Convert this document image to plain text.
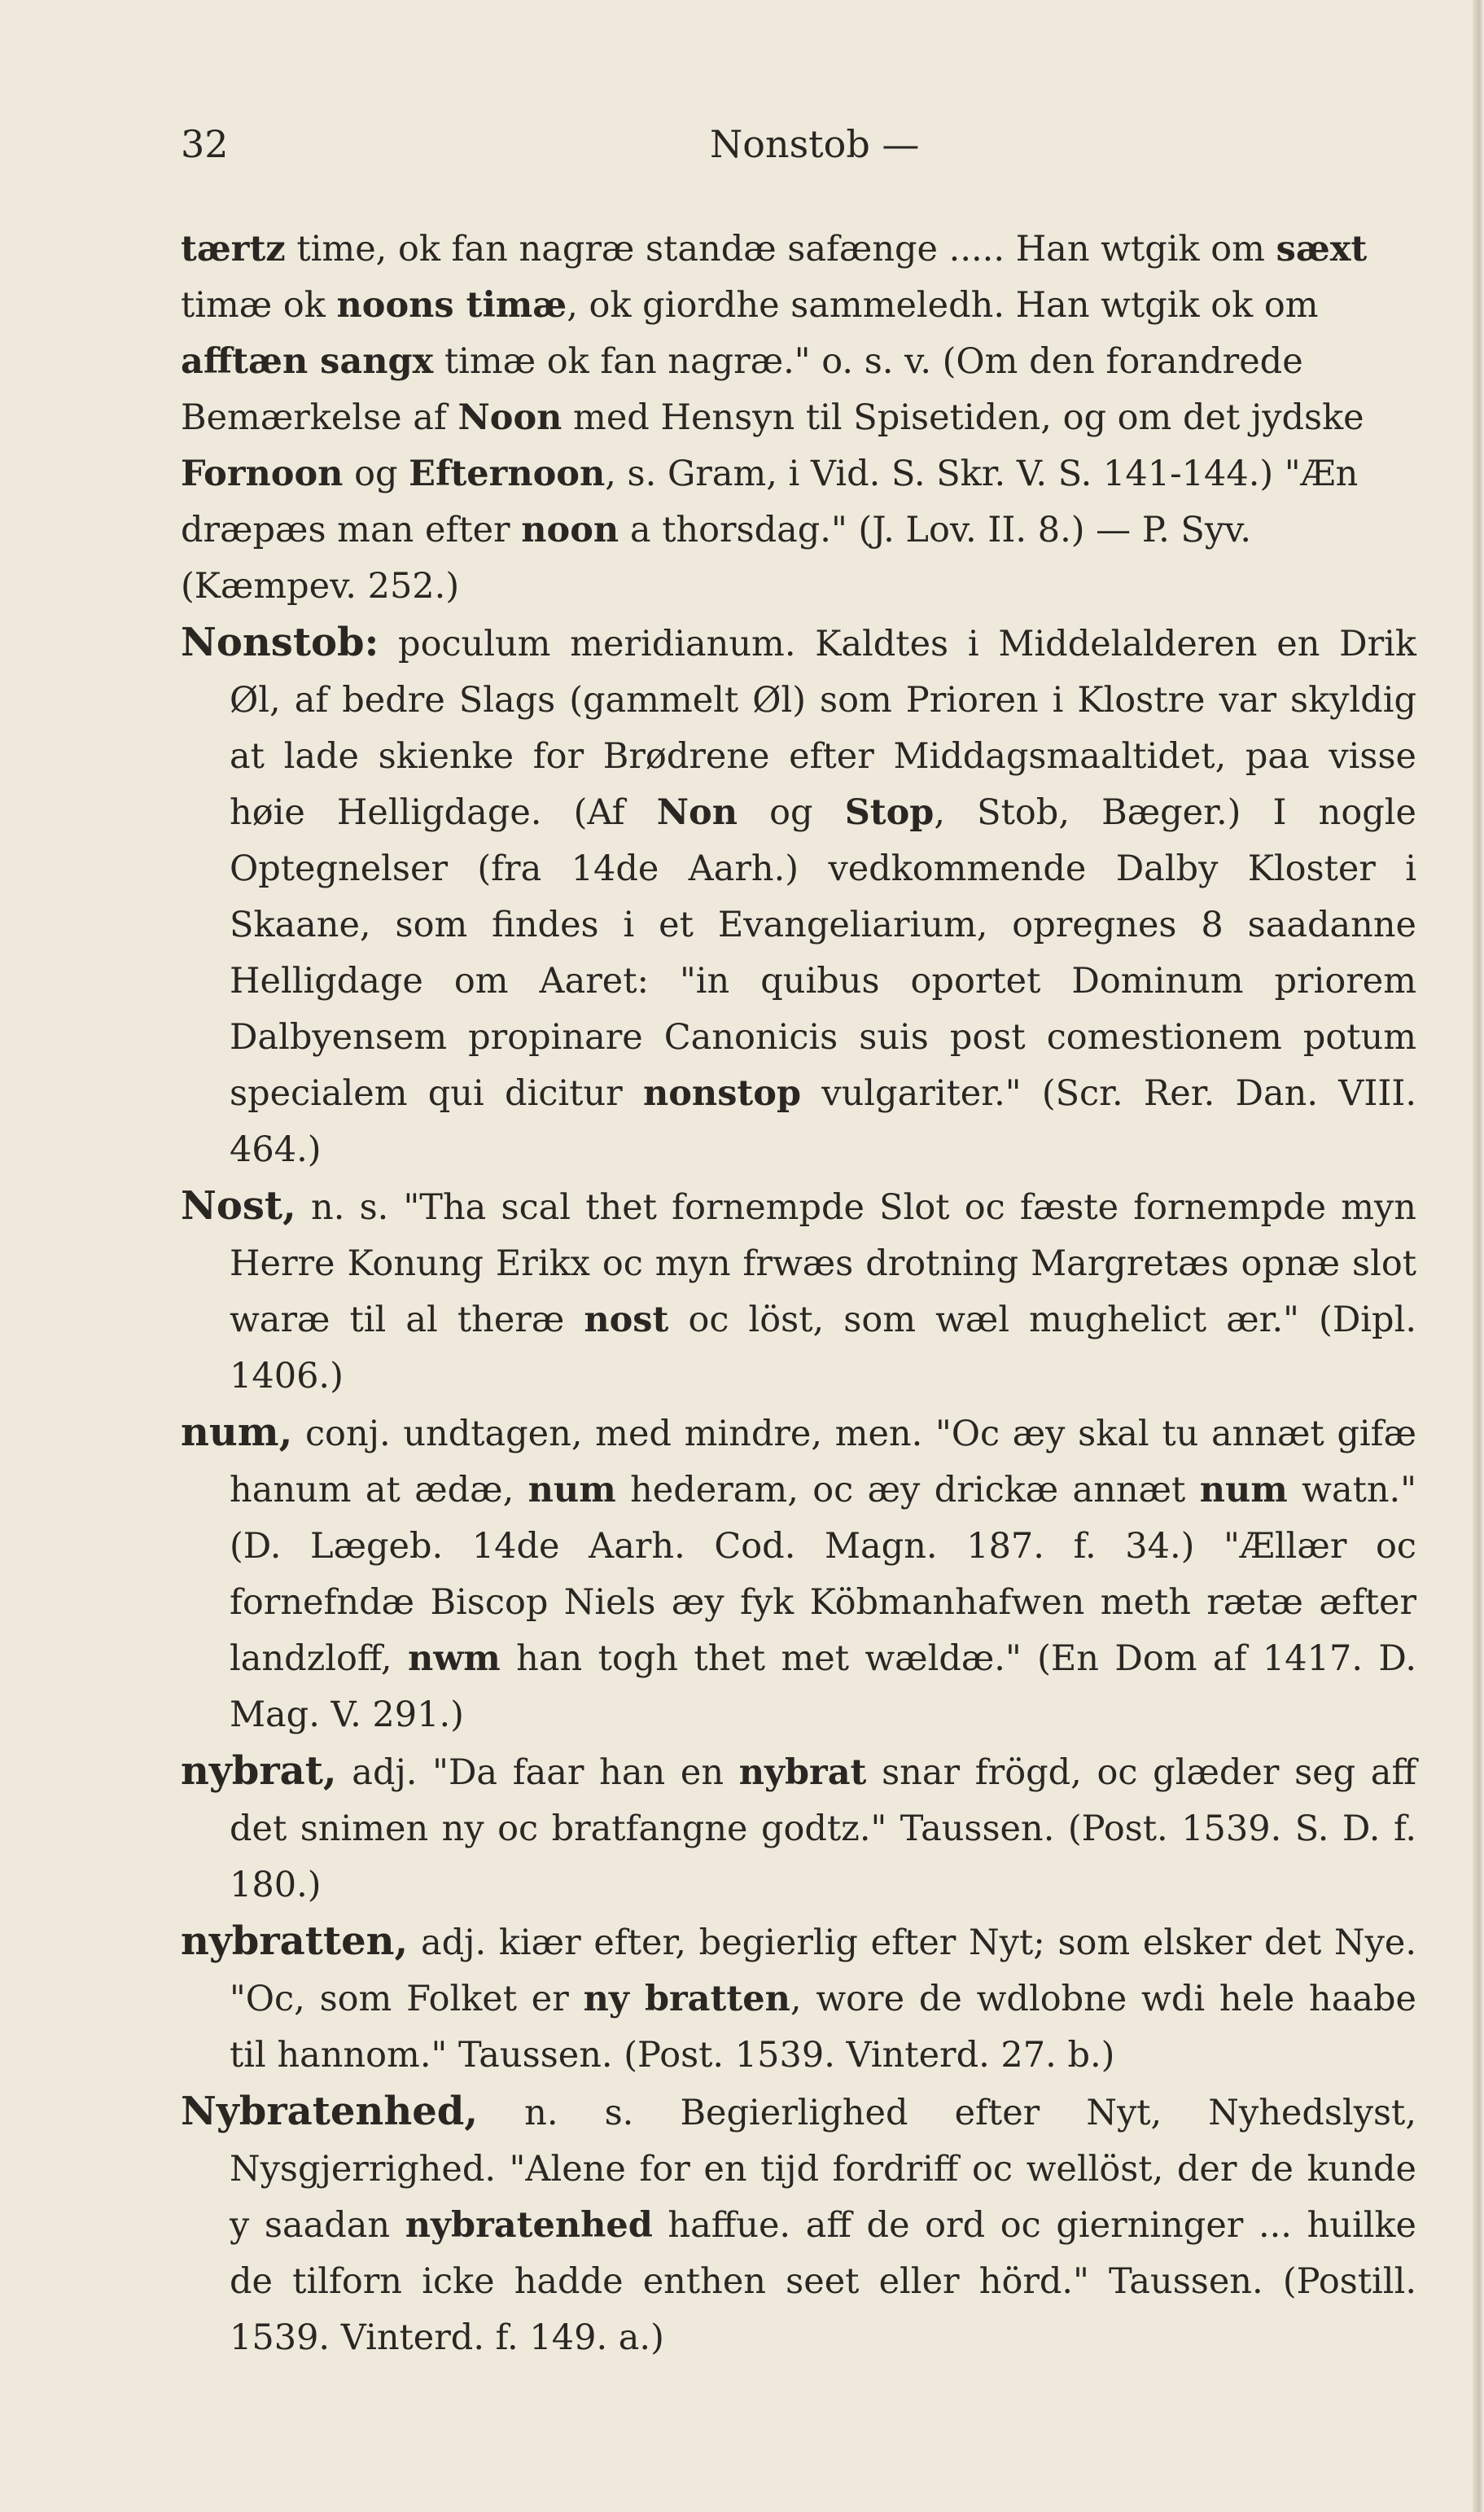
32	Nonstob —

tærtz time, ok fan nagræ standæ safænge ..... Han wtgik om sæxt timæ ok noons timæ, ok giordhe sammeledh. Han wtgik ok om afftæn sangx timæ ok fan nagræ." o. s. v. (Om den forandrede Bemærkelse af Noon med Hensyn til Spisetiden, og om det jydske Fornoon og Efternoon, s. Gram, i Vid. S. Skr. V. S. 141-144.) "Æn dræpæs man efter noon a thorsdag." (J. Lov. II. 8.) — P. Syv. (Kæmpev. 252.)

Nonstob: poculum meridianum. Kaldtes i Middelalderen en Drik Øl, af bedre Slags (gammelt Øl) som Prioren i Klostre var skyldig at lade skienke for Brødrene efter Middagsmaaltidet, paa visse høie Helligdage. (Af Non og Stop, Stob, Bæger.) I nogle Optegnelser (fra 14de Aarh.) vedkommende Dalby Kloster i Skaane, som findes i et Evangeliarium, opregnes 8 saadanne Helligdage om Aaret: "in quibus oportet Dominum priorem Dalbyensem propinare Canonicis suis post comestionem potum specialem qui dicitur nonstop vulgariter." (Scr. Rer. Dan. VIII. 464.)

Nost, n. s. "Tha scal thet fornempde Slot oc fæste fornempde myn Herre Konung Erikx oc myn frwæs drotning Margretæs opnæ slot waræ til al theræ nost oc löst, som wæl mughelict ær." (Dipl. 1406.)

num, conj. undtagen, med mindre, men. "Oc æy skal tu annæt gifæ hanum at ædæ, num hederam, oc æy drickæ annæt num watn." (D. Lægeb. 14de Aarh. Cod. Magn. 187. f. 34.) "Ællær oc fornefndæ Biscop Niels æy fyk Köbmanhafwen meth rætæ æfter landzloff, nwm han togh thet met wældæ." (En Dom af 1417. D. Mag. V. 291.)

nybrat, adj. "Da faar han en nybrat snar frögd, oc glæder seg aff det snimen ny oc bratfangne godtz." Taussen. (Post. 1539. S. D. f. 180.)

nybratten, adj. kiær efter, begierlig efter Nyt; som elsker det Nye. "Oc, som Folket er ny bratten, wore de wdlobne wdi hele haabe til hannom." Taussen. (Post. 1539. Vinterd. 27. b.)

Nybratenhed, n. s. Begierlighed efter Nyt, Nyhedslyst, Nysgjerrighed. "Alene for en tijd fordriff oc wellöst, der de kunde y saadan nybratenhed haffue. aff de ord oc gierninger ... huilke de tilforn icke hadde enthen seet eller hörd." Taussen. (Postill. 1539. Vinterd. f. 149. a.)
